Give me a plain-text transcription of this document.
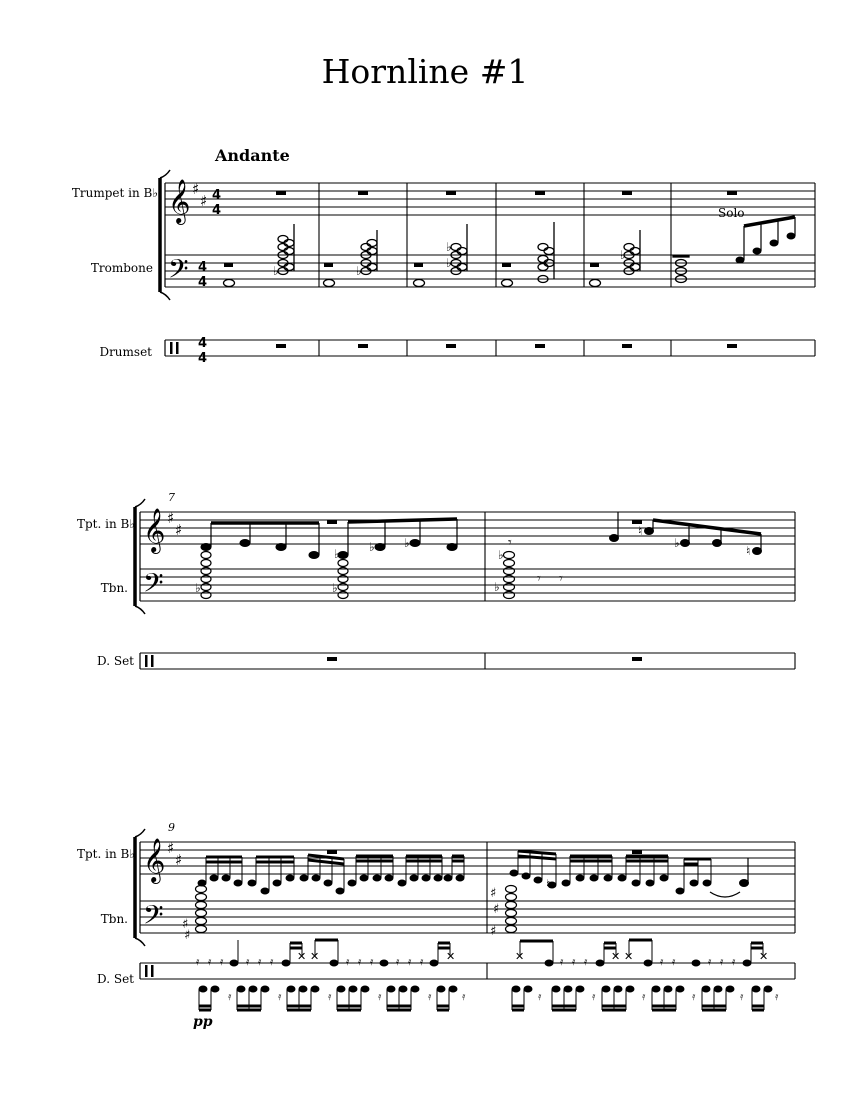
Hornline #1
Andante
Trumpet in B♭
Trombone
Drumset
Tpt. in B♭
Tbn.
D. Set
Tpt. in B♭
Tbn.
D. Set
7
9
Solo
pp
𝄞 ♯
♯ 4
4
𝄢 4
4
4
4
𝄞 ♯
♯
𝄢
𝄞 ♯
♯
𝄢
♭	♭
♭
♭
♭
♭	♭
♭ ♭ ♭
♭
♭
♮
♭
♮
𝄾
𝄾 𝄾
✕ ✕	✕	✕	✕ ✕	✕
♯
♯	♯
♯
♯
♮
𝄿 𝄿 𝄿 𝄿 𝄿 𝄿	𝄿 𝄿 𝄿 𝄿 𝄿 𝄿	𝄿 𝄿 𝄿	𝄿 𝄿	𝄿 𝄿 𝄿
𝄿	𝄿	𝄿	𝄿	𝄿	𝄿	𝄿	𝄿	𝄿	𝄿	𝄿	𝄿
